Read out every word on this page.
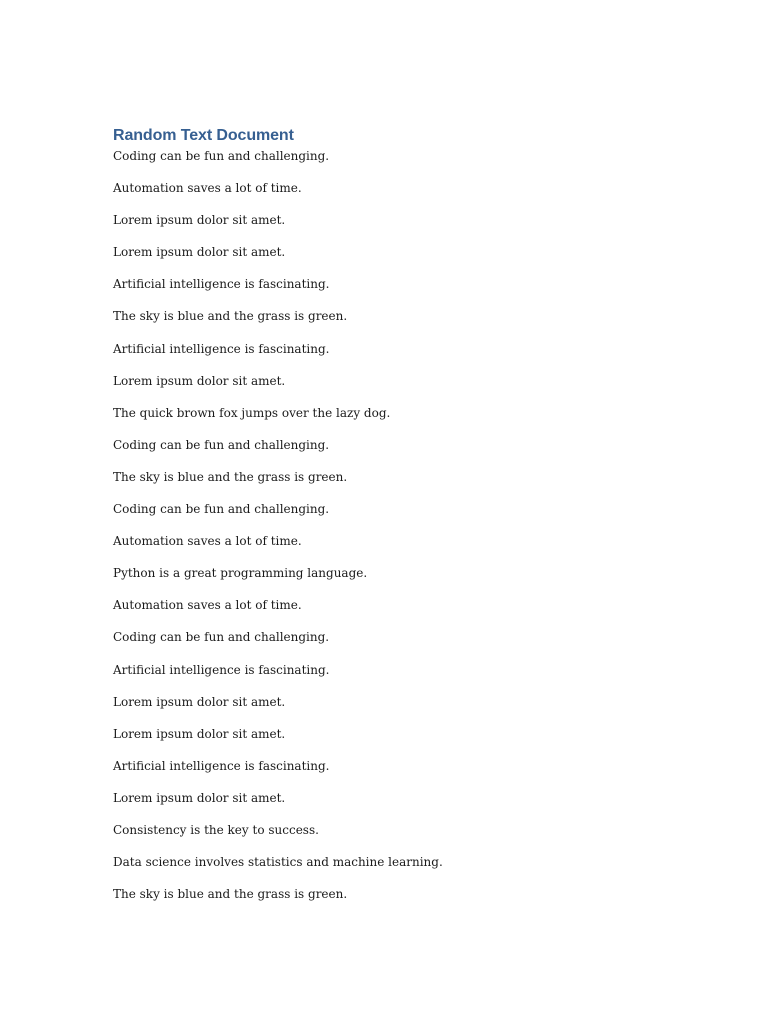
Random Text Document

Coding can be fun and challenging.

Automation saves a lot of time.

Lorem ipsum dolor sit amet.

Lorem ipsum dolor sit amet.

Artificial intelligence is fascinating.

The sky is blue and the grass is green.

Artificial intelligence is fascinating.

Lorem ipsum dolor sit amet.

The quick brown fox jumps over the lazy dog.

Coding can be fun and challenging.

The sky is blue and the grass is green.

Coding can be fun and challenging.

Automation saves a lot of time.

Python is a great programming language.

Automation saves a lot of time.

Coding can be fun and challenging.

Artificial intelligence is fascinating.

Lorem ipsum dolor sit amet.

Lorem ipsum dolor sit amet.

Artificial intelligence is fascinating.

Lorem ipsum dolor sit amet.

Consistency is the key to success.

Data science involves statistics and machine learning.

The sky is blue and the grass is green.
